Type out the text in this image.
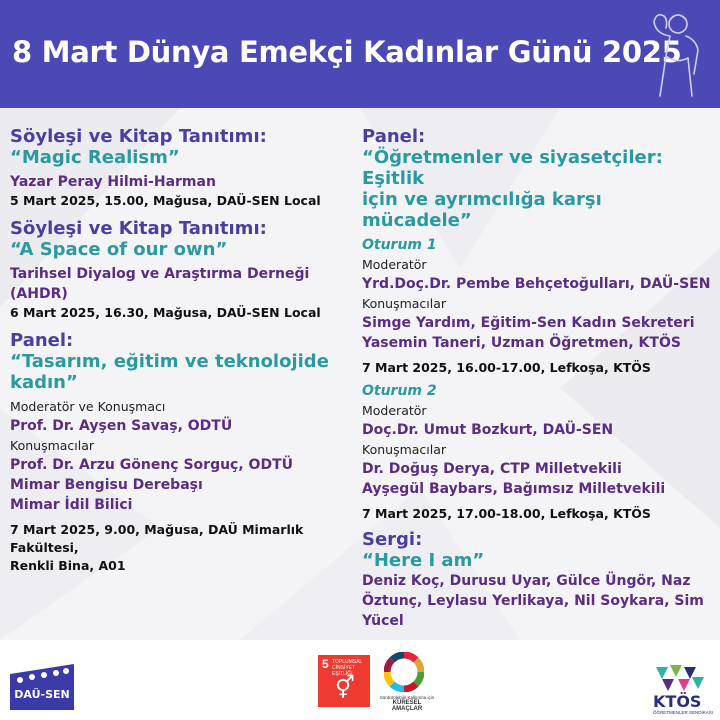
8 Mart Dünya Emekçi Kadınlar Günü 2025
Söyleşi ve Kitap Tanıtımı:
“Magic Realism”
Yazar Peray Hilmi-Harman
5 Mart 2025, 15.00, Mağusa, DAÜ-SEN Local
Söyleşi ve Kitap Tanıtımı:
“A Space of our own”
Tarihsel Diyalog ve Araştırma Derneği
(AHDR)
6 Mart 2025, 16.30, Mağusa, DAÜ-SEN Local
Panel:
“Tasarım, eğitim ve teknolojide
kadın”
Moderatör ve Konuşmacı
Prof. Dr. Ayşen Savaş, ODTÜ
Konuşmacılar
Prof. Dr. Arzu Gönenç Sorguç, ODTÜ
Mimar Bengisu Derebaşı
Mimar İdil Bilici
7 Mart 2025, 9.00, Mağusa, DAÜ Mimarlık Fakültesi,
Renkli Bina, A01
Panel:
“Öğretmenler ve siyasetçiler: Eşitlik
için ve ayrımcılığa karşı mücadele”
Oturum 1
Moderatör
Yrd.Doç.Dr. Pembe Behçetoğulları, DAÜ-SEN
Konuşmacılar
Simge Yardım, Eğitim-Sen Kadın Sekreteri
Yasemin Taneri, Uzman Öğretmen, KTÖS
7 Mart 2025, 16.00-17.00, Lefkoşa, KTÖS
Oturum 2
Moderatör
Doç.Dr. Umut Bozkurt, DAÜ-SEN
Konuşmacılar
Dr. Doğuş Derya, CTP Milletvekili
Ayşegül Baybars, Bağımsız Milletvekili
7 Mart 2025, 17.00-18.00, Lefkoşa, KTÖS
Sergi:
“Here I am”
Deniz Koç, Durusu Uyar, Gülce Üngör, Naz
Öztunç, Leylasu Yerlikaya, Nil Soykara, Sim Yücel
DAÜ-SEN
5 TOPLUMSAL CİNSİYET EŞİTLİĞİ
⚥	Sürdürülebilir Kalkınma için
KÜRESEL AMAÇLAR	KTÖS
ÖĞRETMENLER SENDİKASI
